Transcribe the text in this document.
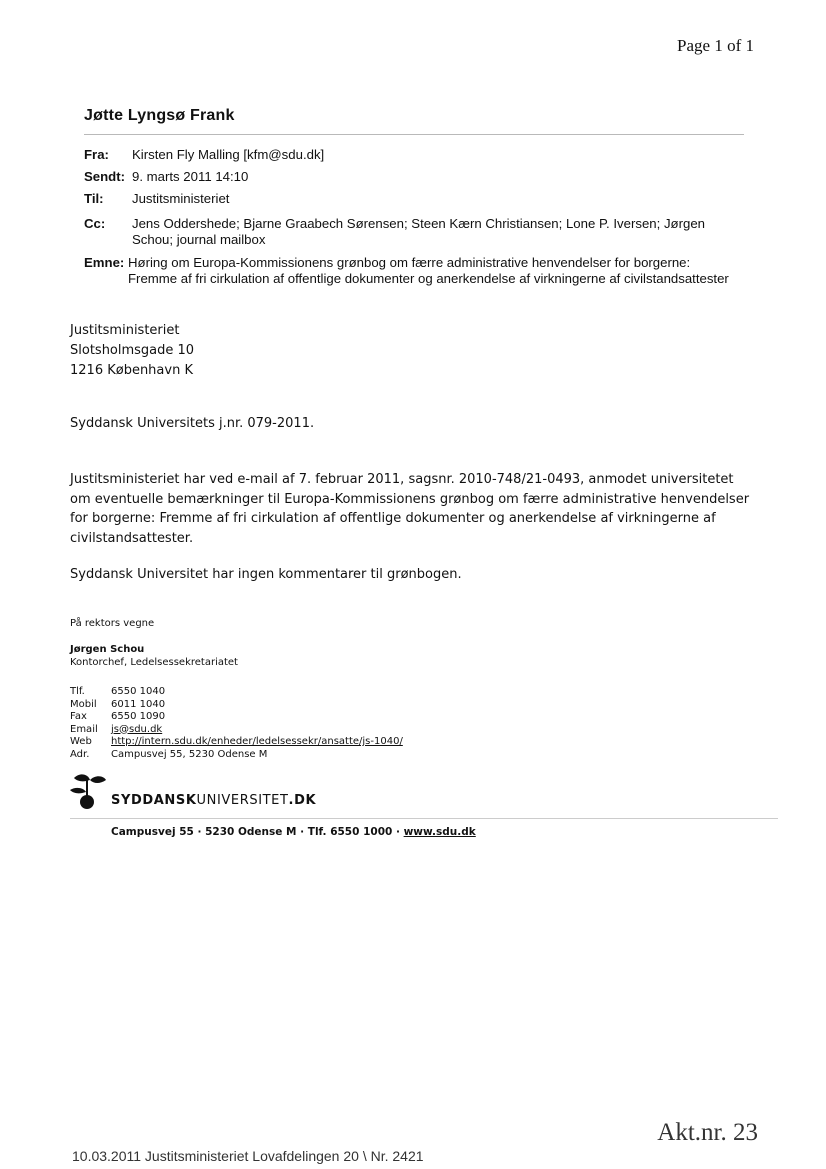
Page 1 of 1
Jøtte Lyngsø Frank
Fra: Kirsten Fly Malling [kfm@sdu.dk]
Sendt: 9. marts 2011 14:10
Til: Justitsministeriet
Cc: Jens Oddershede; Bjarne Graabech Sørensen; Steen Kærn Christiansen; Lone P. Iversen; Jørgen Schou; journal mailbox
Emne: Høring om Europa-Kommissionens grønbog om færre administrative henvendelser for borgerne: Fremme af fri cirkulation af offentlige dokumenter og anerkendelse af virkningerne af civilstandsattester
Justitsministeriet
Slotsholmsgade 10
1216 København K
Syddansk Universitets j.nr. 079-2011.
Justitsministeriet har ved e-mail af 7. februar 2011, sagsnr. 2010-748/21-0493, anmodet universitetet om eventuelle bemærkninger til Europa-Kommissionens grønbog om færre administrative henvendelser for borgerne: Fremme af fri cirkulation af offentlige dokumenter og anerkendelse af virkningerne af civilstandsattester.
Syddansk Universitet har ingen kommentarer til grønbogen.
På rektors vegne
Jørgen Schou
Kontorchef, Ledelsessekretariatet
Tlf.	6550 1040
Mobil 6011 1040
Fax 6550 1090
Email js@sdu.dk
Web http://intern.sdu.dk/enheder/ledelsessekr/ansatte/js-1040/
Adr. Campusvej 55, 5230 Odense M
SYDDANSKUNIVERSITET.DK
Campusvej 55 · 5230 Odense M · Tlf. 6550 1000 · www.sdu.dk
Akt.nr. 23
10.03.2011 Justitsministeriet Lovafdelingen 20 \ Nr. 2421
